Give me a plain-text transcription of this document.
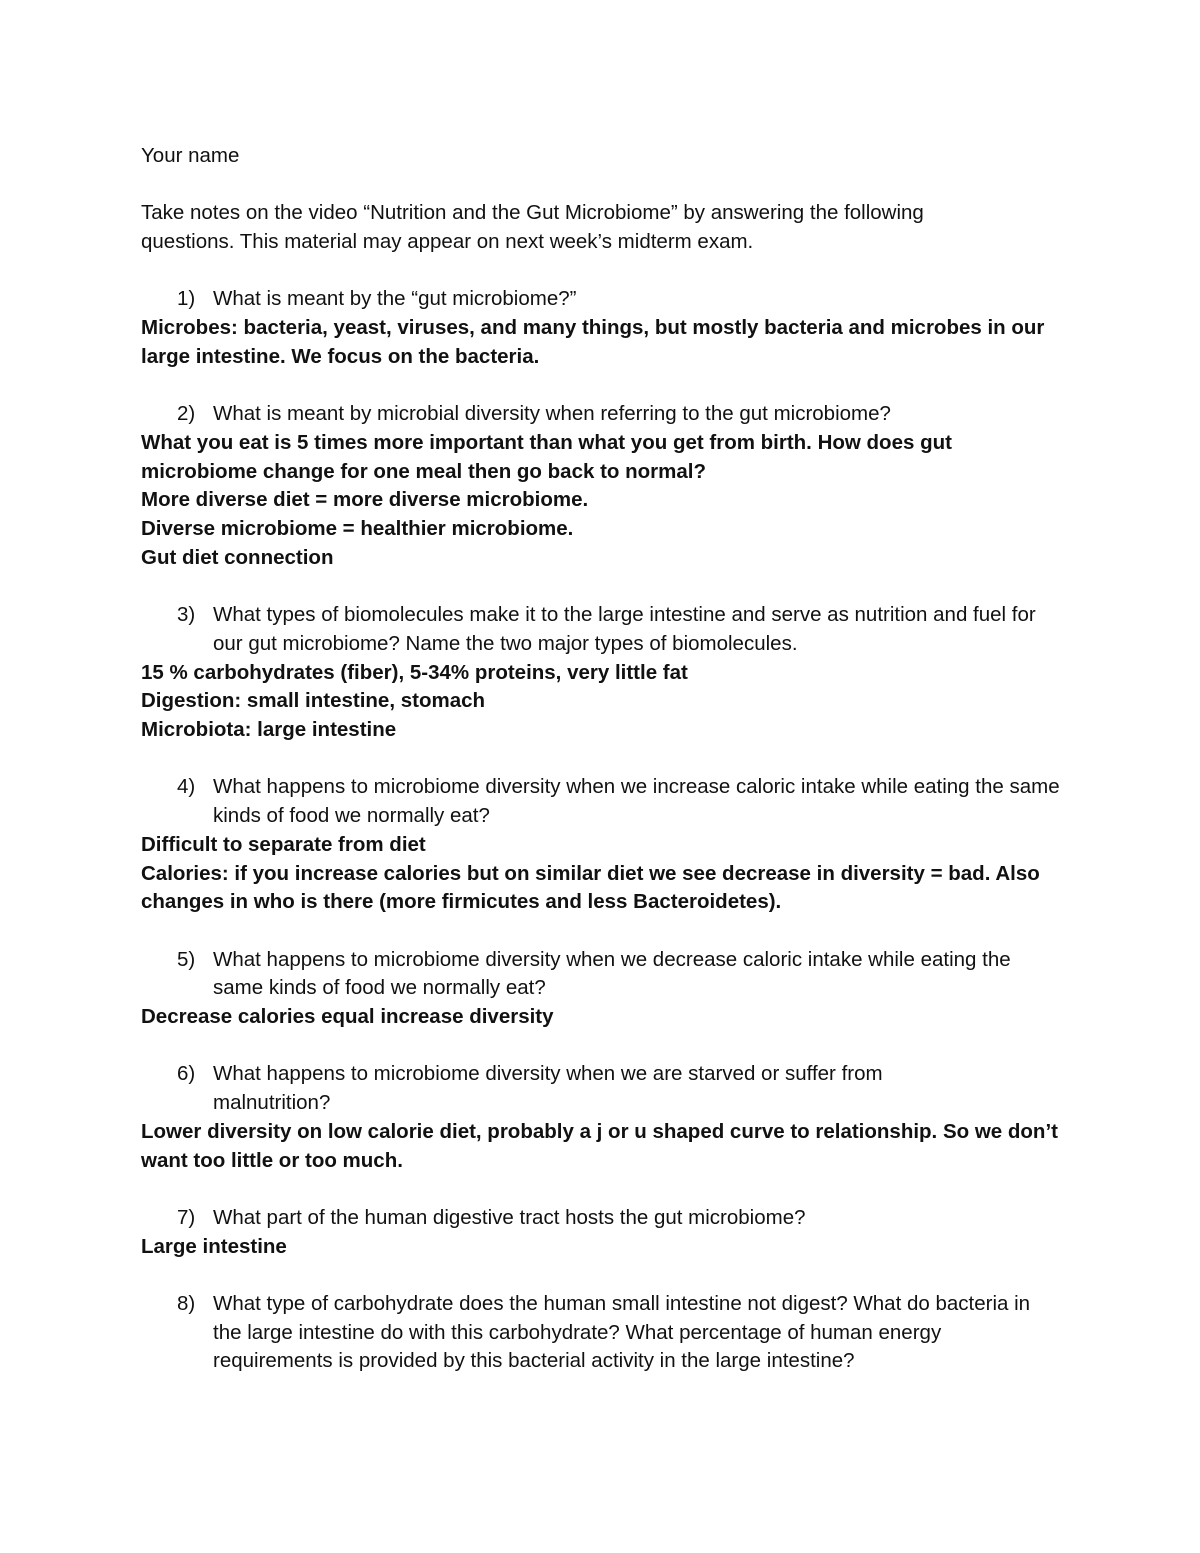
Your name

Take notes on the video “Nutrition and the Gut Microbiome” by answering the following questions. This material may appear on next week’s midterm exam.

1) What is meant by the “gut microbiome?”

Microbes: bacteria, yeast, viruses, and many things, but mostly bacteria and microbes in our large intestine. We focus on the bacteria.

2) What is meant by microbial diversity when referring to the gut microbiome?

What you eat is 5 times more important than what you get from birth. How does gut microbiome change for one meal then go back to normal?

More diverse diet = more diverse microbiome.

Diverse microbiome = healthier microbiome.

Gut diet connection

3) What types of biomolecules make it to the large intestine and serve as nutrition and fuel for our gut microbiome? Name the two major types of biomolecules.

15 % carbohydrates (fiber), 5-34% proteins, very little fat

Digestion: small intestine, stomach

Microbiota: large intestine

4) What happens to microbiome diversity when we increase caloric intake while eating the same kinds of food we normally eat?

Difficult to separate from diet

Calories: if you increase calories but on similar diet we see decrease in diversity = bad. Also changes in who is there (more firmicutes and less Bacteroidetes).

5) What happens to microbiome diversity when we decrease caloric intake while eating the same kinds of food we normally eat?

Decrease calories equal increase diversity

6) What happens to microbiome diversity when we are starved or suffer from malnutrition?

Lower diversity on low calorie diet, probably a j or u shaped curve to relationship. So we don’t want too little or too much.

7) What part of the human digestive tract hosts the gut microbiome?

Large intestine

8) What type of carbohydrate does the human small intestine not digest? What do bacteria in the large intestine do with this carbohydrate? What percentage of human energy requirements is provided by this bacterial activity in the large intestine?
